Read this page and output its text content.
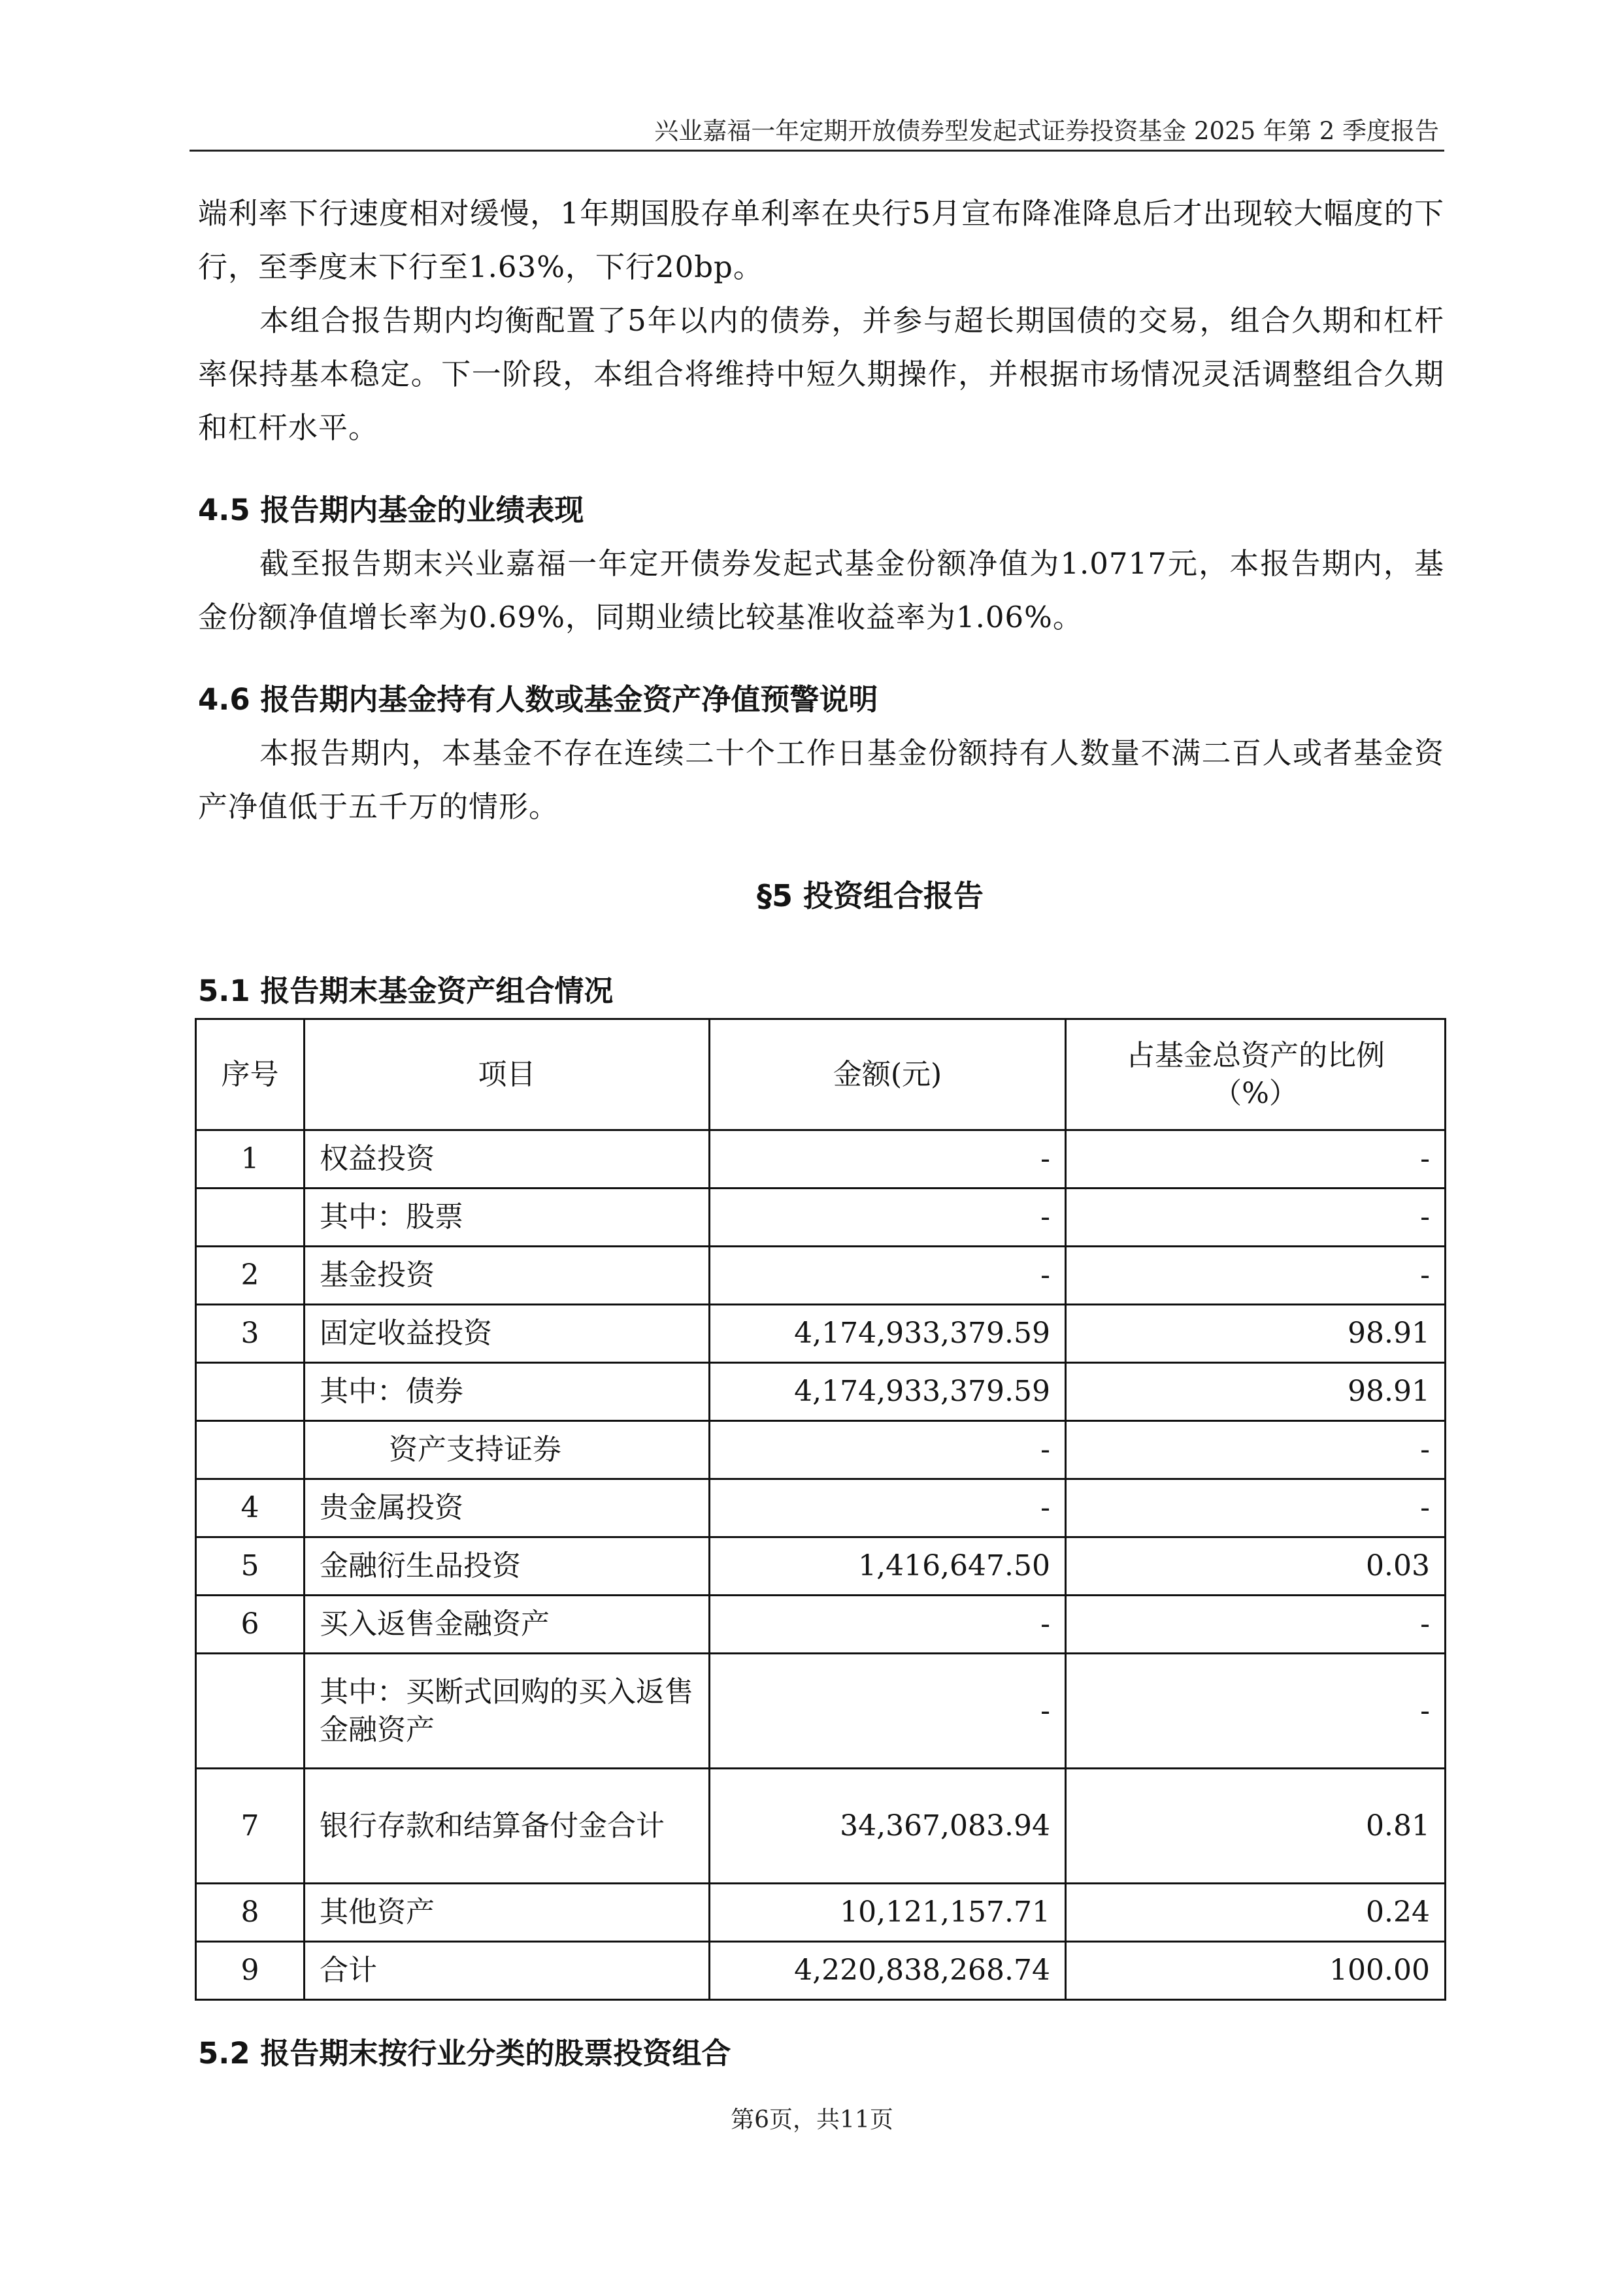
兴业嘉福一年定期开放债券型发起式证券投资基金 2025 年第 2 季度报告

端利率下行速度相对缓慢，1年期国股存单利率在央行5月宣布降准降息后才出现较大幅度的下行，至季度末下行至1.63%，下行20bp。

本组合报告期内均衡配置了5年以内的债券，并参与超长期国债的交易，组合久期和杠杆率保持基本稳定。下一阶段，本组合将维持中短久期操作，并根据市场情况灵活调整组合久期和杠杆水平。

4.5 报告期内基金的业绩表现

截至报告期末兴业嘉福一年定开债券发起式基金份额净值为1.0717元，本报告期内，基金份额净值增长率为0.69%，同期业绩比较基准收益率为1.06%。

4.6 报告期内基金持有人数或基金资产净值预警说明

本报告期内，本基金不存在连续二十个工作日基金份额持有人数量不满二百人或者基金资产净值低于五千万的情形。

§5 投资组合报告
5.1 报告期末基金资产组合情况
序号	项目	金额(元)	占基金总资产的比例（%）
1	权益投资	-	-
	其中：股票	-	-
2	基金投资	-	-
3	固定收益投资	4,174,933,379.59	98.91
	其中：债券	4,174,933,379.59	98.91
	资产支持证券	-	-
4	贵金属投资	-	-
5	金融衍生品投资	1,416,647.50	0.03
6	买入返售金融资产	-	-
	其中：买断式回购的买入返售金融资产	-	-
7	银行存款和结算备付金合计	34,367,083.94	0.81
8	其他资产	10,121,157.71	0.24
9	合计	4,220,838,268.74	100.00
5.2 报告期末按行业分类的股票投资组合
第6页，共11页
